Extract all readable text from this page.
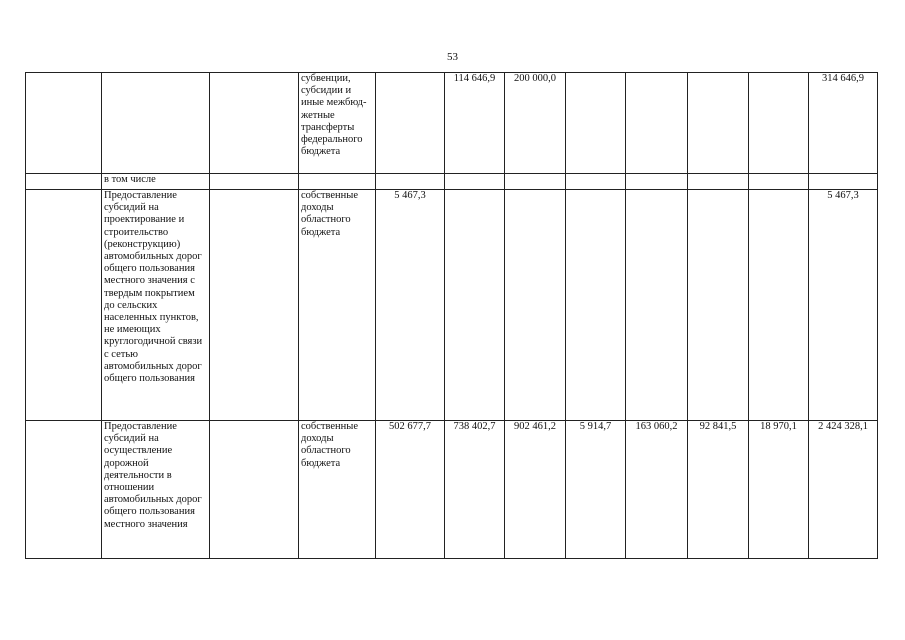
53
			субвенции, субсидии и иные межбюд-жетные трансферты федерального бюджета		114 646,9	200 000,0					314 646,9
	в том числе										
	Предоставление субсидий на проектирование и строительство (реконструкцию) автомобильных дорог общего пользования местного значения с твердым покрытием до сельских населенных пунктов, не имеющих круглогодичной связи с сетью автомобильных дорог общего пользования		собственные доходы областного бюджета	5 467,3							5 467,3
	Предоставление субсидий на осуществление дорожной деятельности в отношении автомобильных дорог общего пользования местного значения		собственные доходы областного бюджета	502 677,7	738 402,7	902 461,2	5 914,7	163 060,2	92 841,5	18 970,1	2 424 328,1
